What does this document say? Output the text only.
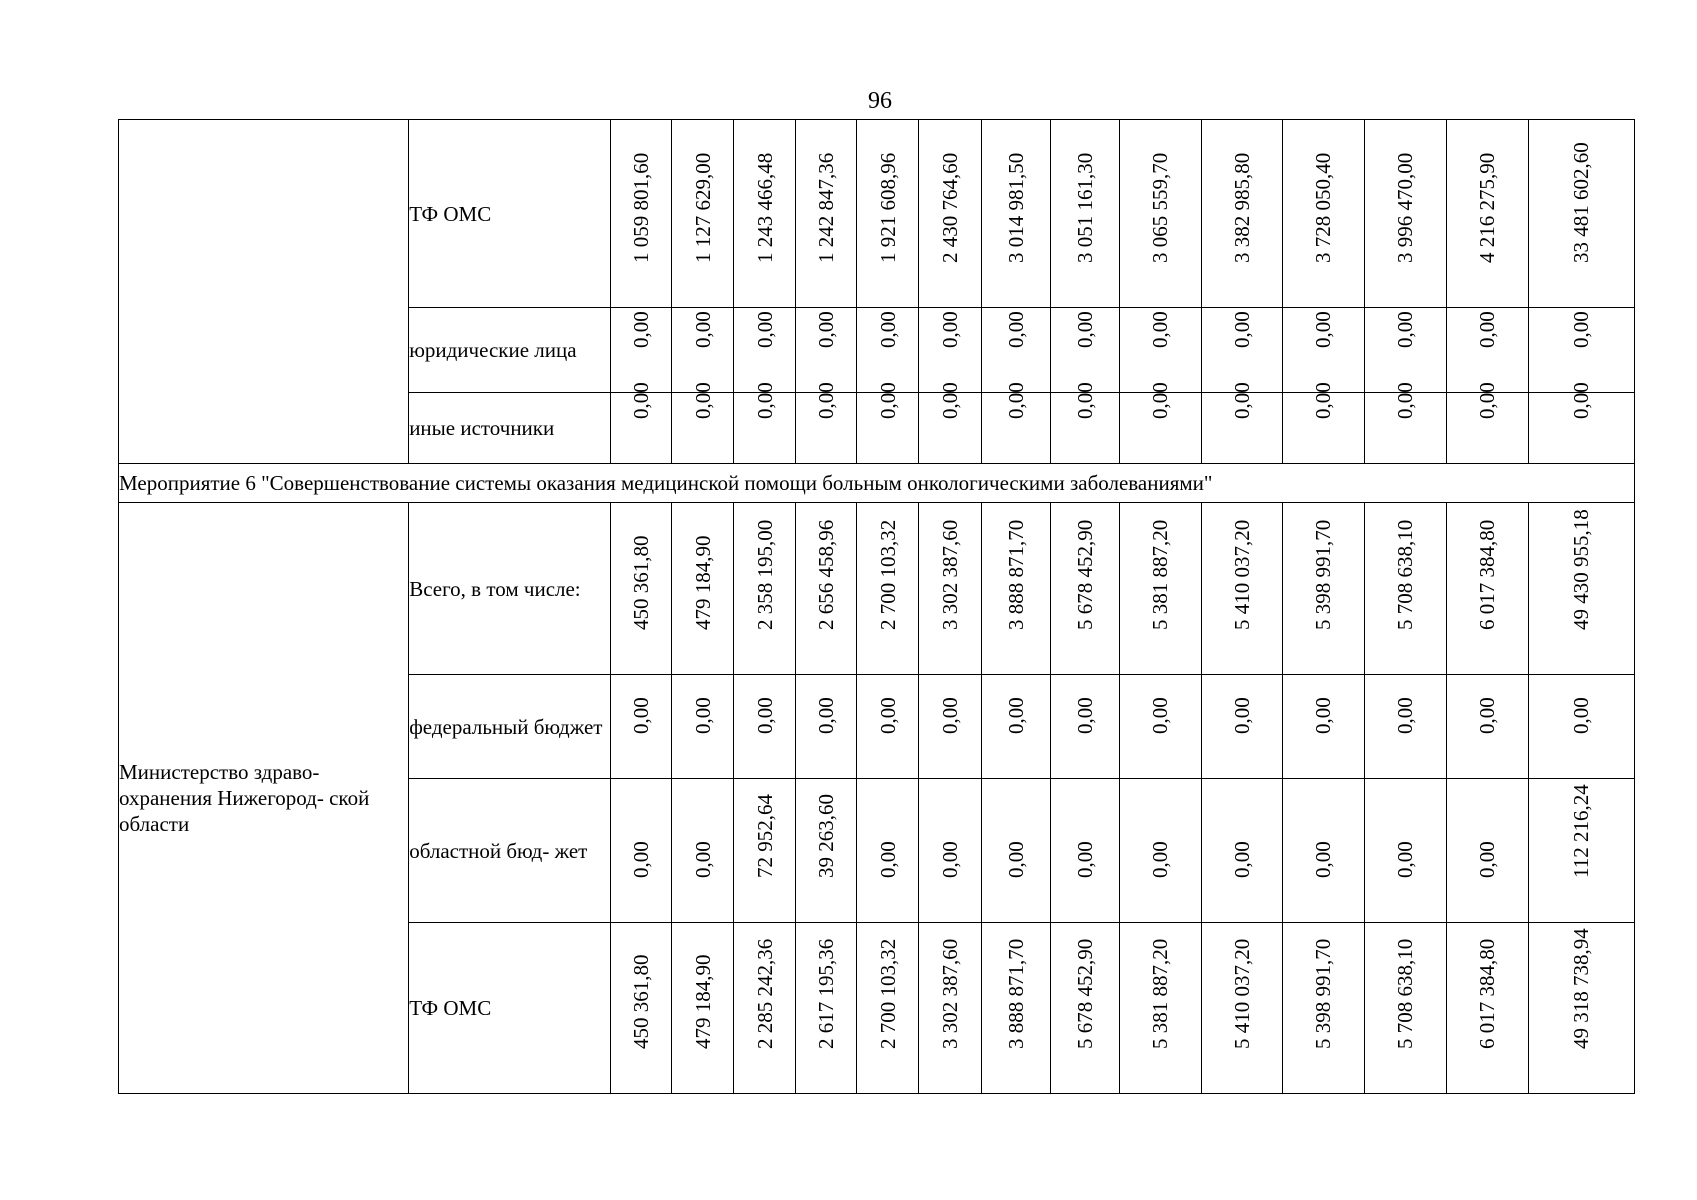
96
	ТФ ОМС	1 059 801,60	1 127 629,00	1 243 466,48	1 242 847,36	1 921 608,96	2 430 764,60	3 014 981,50	3 051 161,30	3 065 559,70	3 382 985,80	3 728 050,40	3 996 470,00	4 216 275,90	33 481 602,60

	юридические лица	0,00	0,00	0,00	0,00	0,00	0,00	0,00	0,00	0,00	0,00	0,00	0,00	0,00	0,00

	иные источники	0,00	0,00	0,00	0,00	0,00	0,00	0,00	0,00	0,00	0,00	0,00	0,00	0,00	0,00

Мероприятие 6 "Совершенствование системы оказания медицинской помощи больным онкологическими заболеваниями"															
Министерство здраво- охранения Нижегород- ской области	Всего, в том числе:	450 361,80	479 184,90	2 358 195,00	2 656 458,96	2 700 103,32	3 302 387,60	3 888 871,70	5 678 452,90	5 381 887,20	5 410 037,20	5 398 991,70	5 708 638,10	6 017 384,80	49 430 955,18

	федеральный бюджет	0,00	0,00	0,00	0,00	0,00	0,00	0,00	0,00	0,00	0,00	0,00	0,00	0,00	0,00

	областной бюд- жет	0,00	0,00	72 952,64	39 263,60	0,00	0,00	0,00	0,00	0,00	0,00	0,00	0,00	0,00	112 216,24

	ТФ ОМС	450 361,80	479 184,90	2 285 242,36	2 617 195,36	2 700 103,32	3 302 387,60	3 888 871,70	5 678 452,90	5 381 887,20	5 410 037,20	5 398 991,70	5 708 638,10	6 017 384,80	49 318 738,94
